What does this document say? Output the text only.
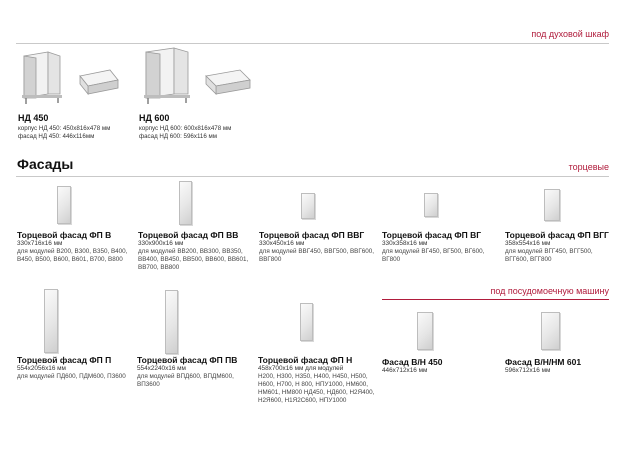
под духовой шкаф
НД 450
корпус НД 450: 450х816х478 мм
фасад НД 450: 446х116мм
НД 600
корпус НД 600: 600х816х478 мм
фасад НД 600: 596х116 мм
Фасады	торцевые
Торцевой фасад ФП В
330х716х16 мм
для модулей В200, В300, В350, В400, В450, В500, В600, В601, В700, В800
Торцевой фасад ФП ВВ
330х900х16 мм
для модулей ВВ200, ВВ300, ВВ350, ВВ400, ВВ450, ВВ500, ВВ600, ВВ601, ВВ700, ВВ800
Торцевой фасад ФП ВВГ
330х450х16 мм
для модулей ВВГ450, ВВГ500, ВВГ600, ВВГ800
Торцевой фасад ФП ВГ
330х358х16 мм
для модулей ВГ450, ВГ500, ВГ600, ВГ800
Торцевой фасад ФП ВГГ
358х554х16 мм
для модулей ВГГ450, ВГГ500, ВГГ600, ВГГ800
под посудомоечную машину
Торцевой фасад ФП П
554х2056х16 мм
для модулей ПД600, ПДМ600, П3600
Торцевой фасад ФП ПВ
554х2240х16 мм
для модулей ВПД600, ВПДМ600, ВП3600
Торцевой фасад ФП Н
458х700х16 мм для модулей
Н200, Н300, Н350, Н400, Н450, Н500, Н600, Н700, Н 800, НПУ1000, НМ600, НМ601, НМ800 НД450, НД600, Н2Я400, Н2Я600, Н1Я2С600, НПУ1000
Фасад В/Н 450
446х712х16 мм
Фасад В/Н/НМ 601
596х712х16 мм
